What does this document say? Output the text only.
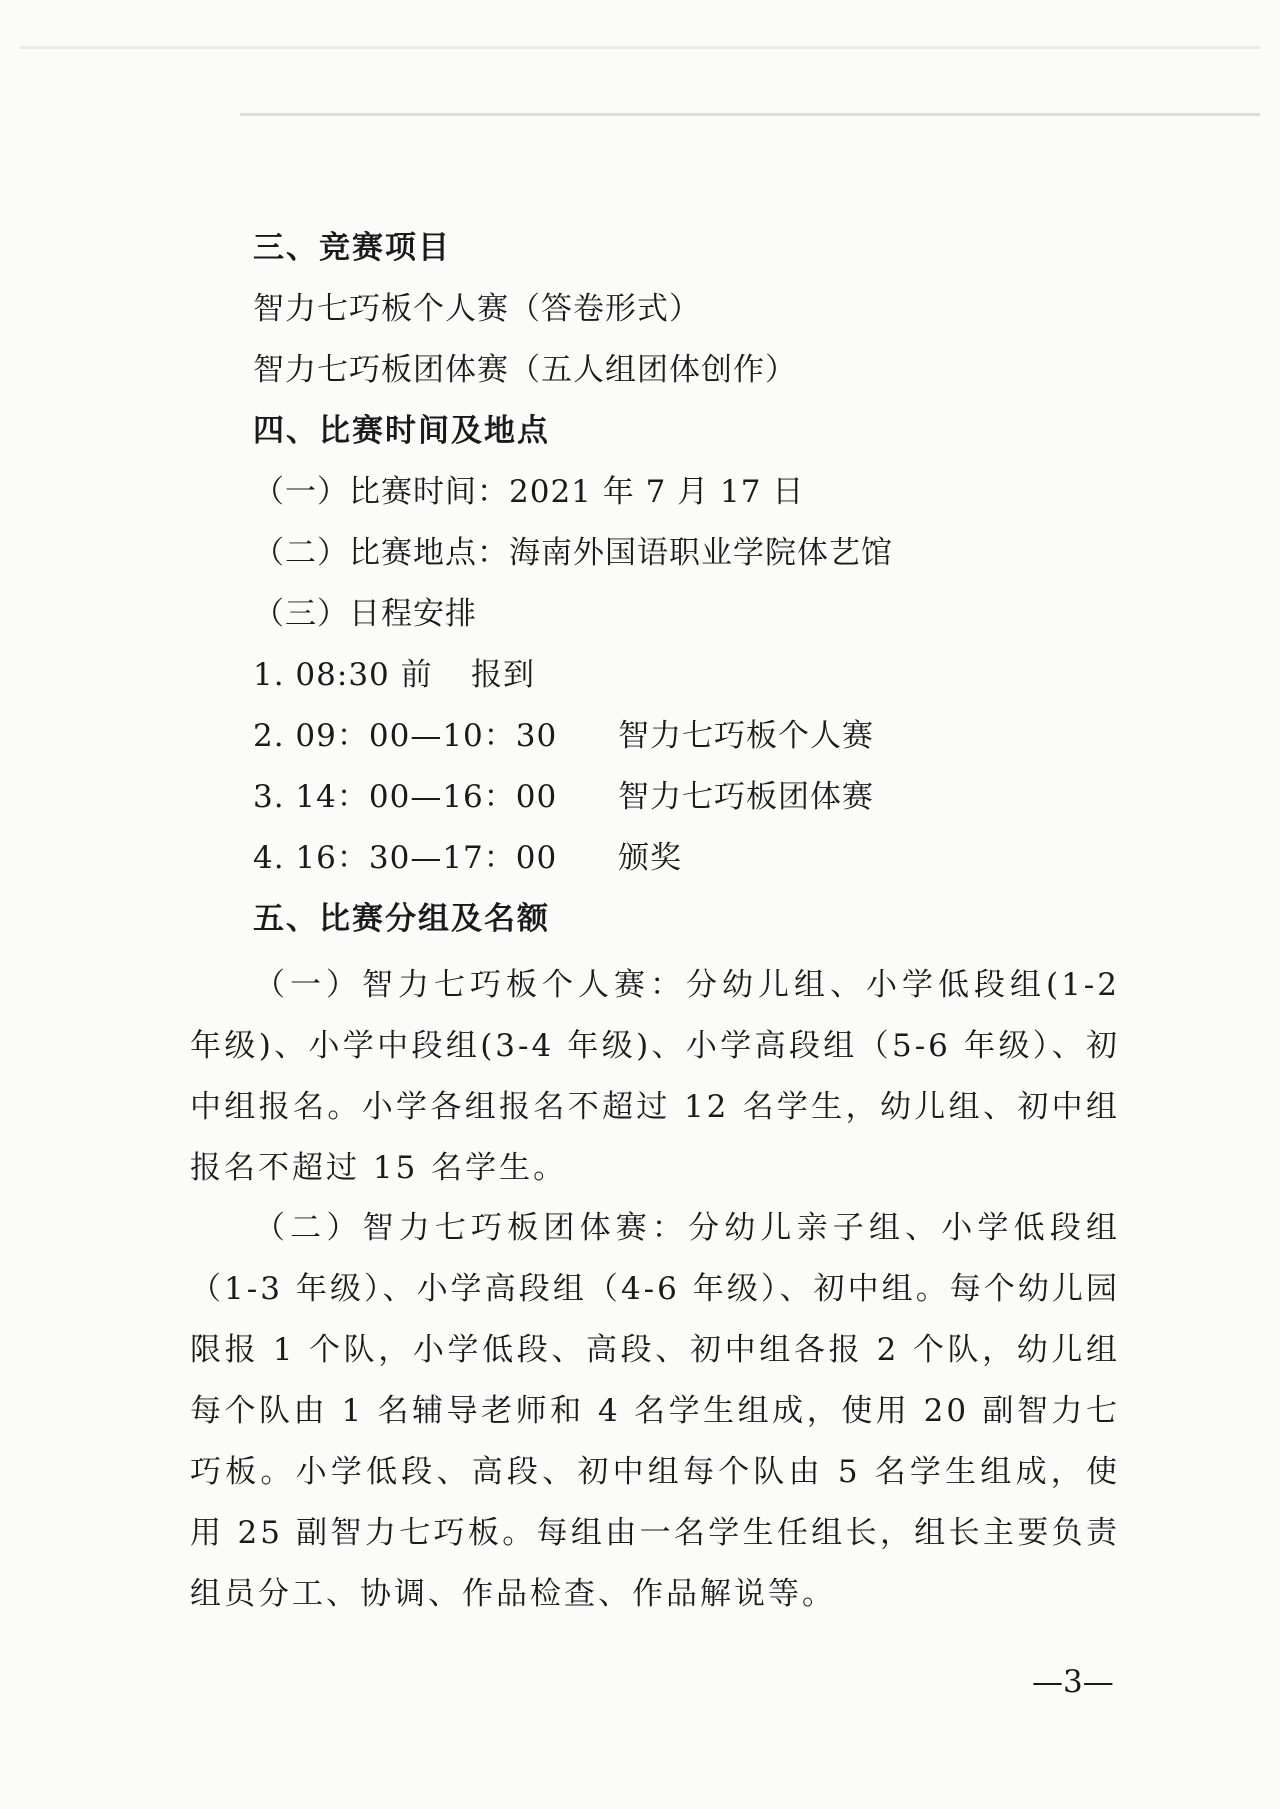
三、竞赛项目
智力七巧板个人赛（答卷形式）
智力七巧板团体赛（五人组团体创作）
四、比赛时间及地点
（一）比赛时间：2021 年 7 月 17 日
（二）比赛地点：海南外国语职业学院体艺馆
（三）日程安排
1. 08:30 前 报到
2. 09：00—10：30 智力七巧板个人赛
3. 14：00—16：00 智力七巧板团体赛
4. 16：30—17：00 颁奖
五、比赛分组及名额
（一）智力七巧板个人赛：分幼儿组、小学低段组(1-2 年级)、小学中段组(3-4 年级)、小学高段组（5-6 年级）、初中组报名。小学各组报名不超过 12 名学生，幼儿组、初中组报名不超过 15 名学生。
（二）智力七巧板团体赛：分幼儿亲子组、小学低段组（1-3 年级）、小学高段组（4-6 年级）、初中组。每个幼儿园限报 1 个队，小学低段、高段、初中组各报 2 个队，幼儿组每个队由 1 名辅导老师和 4 名学生组成，使用 20 副智力七巧板。小学低段、高段、初中组每个队由 5 名学生组成，使用 25 副智力七巧板。每组由一名学生任组长，组长主要负责组员分工、协调、作品检查、作品解说等。
—3—
